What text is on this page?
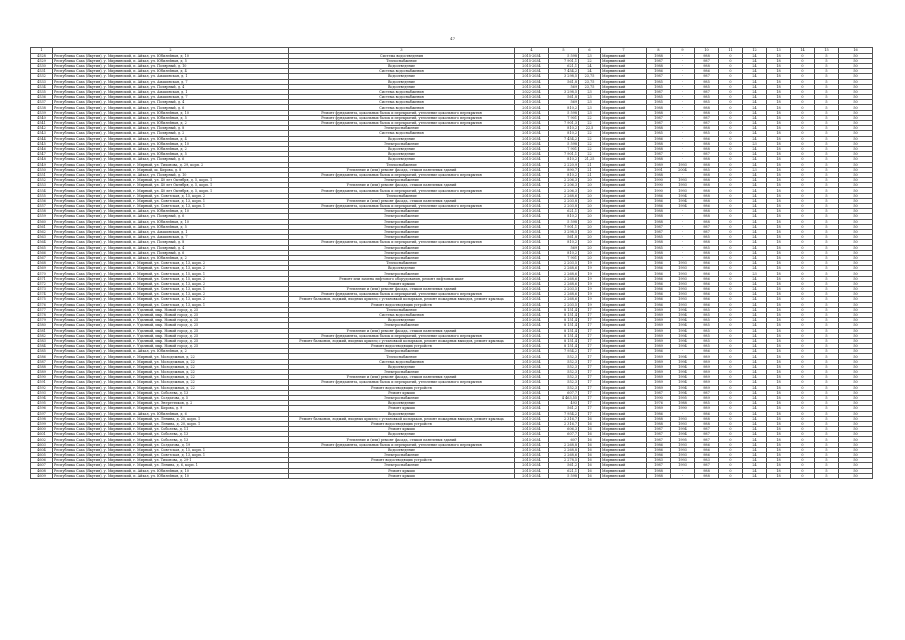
47
1	2	3	4	5	6	7	8	9	10	11	12	13	14	15	16
4528	Республика Саха (Якутия), у. Мирнинский, п. Айхал, ул. Юбилейная, д. 10	Система водоотведения	2015-2034	5 598	23	Мирнинский	1988	-	988	0	24	18	0	5	50
4529	Республика Саха (Якутия), у. Мирнинский, п. Айхал, ул. Юбилейная, д. 5	Теплоснабжение	2015-2034	7 901,1	22	Мирнинский	1987	-	987	0	24	18	0	5	50
4530	Республика Саха (Якутия), у. Мирнинский, п. Айхал, ул. Полярный, д. 10	Водоотведение	2015-2034	621,1	24	Мирнинский	1988	-	988	0	24	18	0	5	50
4531	Республика Саха (Якутия), у. Мирнинский, п. Айхал, ул. Юбилейная, д. 4	Система водоснабжения	2015-2034	7 454,2	24	Мирнинский	1986	-	986	0	24	18	0	5	50
4532	Республика Саха (Якутия), у. Мирнинский, п. Айхал, ул. Амакинская, д. 1	Водоотведение	2015-2034	3 298,5	23,75	Мирнинский	1987	-	987	0	24	18	0	5	50
4533	Республика Саха (Якутия), у. Мирнинский, п. Айхал, ул. Амакинская, д. 7	Водоотведение	2015-2034	561,8	23,75	Мирнинский	1985	-	985	0	24	18	0	5	50
4534	Республика Саха (Якутия), у. Мирнинский, п. Айхал, ул. Полярный, д. 4	Водоотведение	2015-2034	569	23,75	Мирнинский	1985	-	985	0	24	18	0	5	50
4535	Республика Саха (Якутия), у. Мирнинский, п. Айхал, ул. Амакинская, д. 1	Система водоснабжения	2022-2034	3 298,5	23	Мирнинский	1987	-	987	0	24	18	0	5	50
4536	Республика Саха (Якутия), у. Мирнинский, п. Айхал, ул. Амакинская, д. 7	Система водоснабжения	2015-2034	561,8	23	Мирнинский	1985	-	985	0	24	18	0	5	50
4537	Республика Саха (Якутия), у. Мирнинский, п. Айхал, ул. Полярный, д. 4	Система водоснабжения	2015-2034	569	23	Мирнинский	1985	-	985	0	24	18	0	5	50
4538	Республика Саха (Якутия), у. Мирнинский, п. Айхал, ул. Полярный, д. 6	Система водоснабжения	2015-2034	810,2	23	Мирнинский	1988	-	988	0	24	18	0	5	50
4539	Республика Саха (Якутия), у. Мирнинский, п. Айхал, ул. Юбилейная, д. 10	Ремонт фундамента, цокольных балок и перекрытий, утепление цокольного перекрытия	2016-2034	5 598	23	Мирнинский	1988	-	988	0	24	18	0	5	50
4540	Республика Саха (Якутия), у. Мирнинский, п. Айхал, ул. Юбилейная, д. 5	Ремонт фундамента, цокольных балок и перекрытий, утепление цокольного перекрытия	2015-2034	7 901	22	Мирнинский	1987	-	987	0	24	18	0	5	50
4541	Республика Саха (Якутия), у. Мирнинский, п. Айхал, ул. Юбилейная, д. 2	Ремонт фундамента, цокольных балок и перекрытий, утепление цокольного перекрытия	2015-2034	7 901,3	22	Мирнинский	1987	-	987	0	24	18	0	5	50
4542	Республика Саха (Якутия), у. Мирнинский, п. Айхал, ул. Полярный, д. 8	Электроснабжение	2015-2034	810,2	22,5	Мирнинский	1988	-	988	0	24	18	0	5	50
4543	Республика Саха (Якутия), у. Мирнинский, п. Айхал, ул. Полярный, д. 2	Система водоснабжения	2015-2034	810,2	22	Мирнинский	1985	-	985	0	24	18	0	5	50
4544	Республика Саха (Якутия), у. Мирнинский, п. Айхал, ул. Юбилейная, д. 4	Водоотведение	2015-2034	7 454,2	22	Мирнинский	1986	-	986	0	24	18	0	5	50
4545	Республика Саха (Якутия), у. Мирнинский, п. Айхал, ул. Юбилейная, д. 10	Электроснабжение	2015-2034	5 598	22	Мирнинский	1988	-	988	0	23	18	0	5	50
4546	Республика Саха (Якутия), у. Мирнинский, п. Айхал, ул. Юбилейная, д. 2	Водоотведение	2015-2034	7 901	22	Мирнинский	1988	-	988	0	24	18	0	5	50
4547	Республика Саха (Якутия), у. Мирнинский, п. Айхал, ул. Юбилейная, д. 5	Водоотведение	2015-2034	7 901,1	22	Мирнинский	1987	-	987	0	24	18	0	5	50
4548	Республика Саха (Якутия), у. Мирнинский, п. Айхал, ул. Полярный, д. 6	Водоотведение	2015-2034	810,2	21,25	Мирнинский	1988	-	988	0	24	18	0	5	50
4549	Республика Саха (Якутия), у. Мирнинский, г. Мирный, ул. Тихонова, д. 29, корп. 2	Теплоснабжение	2015-2034	2 220,9	21	Мирнинский	1989	1993	988	0	24	18	0	5	50
4550	Республика Саха (Якутия), у. Мирнинский, г. Мирный, ш. Кирова, д. 8	Утепление и (или) ремонт фасада, стыков панелевых зданий	2015-2034	890,7	21	Мирнинский	1991	2004	985	0	23	18	0	5	50
4551	Республика Саха (Якутия), у. Мирнинский, п. Айхал, ул. Полярный, д. 10	Ремонт фундамента, цокольных балок и перекрытий, утепление цокольного перекрытия	2015-2034	810,2	21	Мирнинский	1988	-	988	0	24	18	0	5	50
4552	Республика Саха (Якутия), у. Мирнинский, г. Мирный, ул. 40 лет Октября, д. 5, корп. 1	Электроснабжение	2015-2034	2 206,3	20	Мирнинский	1990	1993	988	0	24	18	0	5	50
4553	Республика Саха (Якутия), у. Мирнинский, г. Мирный, ул. 40 лет Октября, д. 5, корп. 1	Утепление и (или) ремонт фасада, стыков панелевых зданий	2015-2034	2 206,3	20	Мирнинский	1990	1993	988	0	24	18	0	5	50
4554	Республика Саха (Якутия), у. Мирнинский, г. Мирный, ул. 40 лет Октября, д. 5, корп. 1	Ремонт фундамента, цокольных балок и перекрытий, утепление цокольного перекрытия	2015-2034	2 206,3	20	Мирнинский	1990	1993	988	0	24	18	0	5	50
4555	Республика Саха (Якутия), у. Мирнинский, г. Мирный, ул. Советская, д. 15, корп. 2	Теплоснабжение	2015-2034	2 268,6	20	Мирнинский	1986	1994	988	0	24	18	0	5	50
4556	Республика Саха (Якутия), у. Мирнинский, г. Мирный, ул. Советская, д. 13, корп. 1	Утепление и (или) ремонт фасада, стыков панелевых зданий	2015-2034	2 203,8	20	Мирнинский	1986	1994	988	0	24	18	0	5	50
4557	Республика Саха (Якутия), у. Мирнинский, г. Мирный, ул. Советская, д. 13, корп. 1	Ремонт фундамента, цокольных балок и перекрытий, утепление цокольного перекрытия	2015-2034	2 203,8	20	Мирнинский	1986	1994	986	0	24	18	0	5	50
4558	Республика Саха (Якутия), у. Мирнинский, п. Айхал, ул. Юбилейная, д. 10	Электроснабжение	2015-2034	621,1	20	Мирнинский	1988	-	988	0	24	18	0	5	50
4559	Республика Саха (Якутия), у. Мирнинский, п. Айхал, ул. Полярный, д. 6	Электроснабжение	2015-2034	810,2	20	Мирнинский	1988	-	988	0	24	18	0	5	50
4560	Республика Саха (Якутия), у. Мирнинский, п. Айхал, ул. Юбилейная, д. 10	Электроснабжение	2015-2034	5 598	20	Мирнинский	1988	-	988	0	24	18	0	5	50
4561	Республика Саха (Якутия), у. Мирнинский, п. Айхал, ул. Юбилейная, д. 5	Электроснабжение	2015-2034	7 901,1	20	Мирнинский	1987	-	987	0	24	18	0	5	50
4562	Республика Саха (Якутия), у. Мирнинский, п. Айхал, ул. Амакинская, д. 1	Электроснабжение	2015-2034	3 298,5	20	Мирнинский	1987	-	987	0	24	18	0	5	50
4563	Республика Саха (Якутия), у. Мирнинский, п. Айхал, ул. Амакинская, д. 7	Электроснабжение	2015-2034	561,8	20	Мирнинский	1985	-	985	0	24	18	0	5	50
4564	Республика Саха (Якутия), у. Мирнинский, п. Айхал, ул. Полярный, д. 8	Ремонт фундамента, цокольных балок и перекрытий, утепление цокольного перекрытия	2015-2034	810,2	20	Мирнинский	1988	-	988	0	24	18	0	5	50
4565	Республика Саха (Якутия), у. Мирнинский, п. Айхал, ул. Полярный, д. 4	Электроснабжение	2015-2034	569	20	Мирнинский	1985	-	985	0	24	18	0	5	50
4566	Республика Саха (Якутия), у. Мирнинский, п. Айхал, ул. Полярный, д. 6	Электроснабжение	2015-2034	810,2	20	Мирнинский	1988	-	988	0	24	18	0	5	50
4567	Республика Саха (Якутия), у. Мирнинский, п. Айхал, ул. Юбилейная, д. 2	Электроснабжение	2015-2034	7 901	20	Мирнинский	1988	-	988	0	24	18	0	5	50
4568	Республика Саха (Якутия), у. Мирнинский, г. Мирный, ул. Советская, д. 13, корп. 2	Теплоснабжение	2015-2034	2 203,5	19	Мирнинский	1986	1993	986	0	24	18	0	5	50
4569	Республика Саха (Якутия), у. Мирнинский, г. Мирный, ул. Советская, д. 13, корп. 2	Водоотведение	2015-2034	2 268,6	19	Мирнинский	1986	1993	986	0	24	18	0	5	50
4570	Республика Саха (Якутия), у. Мирнинский, г. Мирный, ул. Советская, д. 15, корп. 1	Электроснабжение	2015-2034	2 268,6	19	Мирнинский	1986	1993	986	0	23	18	0	5	50
4571	Республика Саха (Якутия), у. Мирнинский, г. Мирный, ул. Советская, д. 15, корп. 2	Ремонт или замена лифтового оборудования, ремонт лифтовых шахт	2015-2034	2 268,6	19	Мирнинский	1986	1993	986	0	24	18	0	5	50
4572	Республика Саха (Якутия), у. Мирнинский, г. Мирный, ул. Советская, д. 13, корп. 2	Ремонт крыши	2015-2034	2 268,6	19	Мирнинский	1986	1993	986	0	24	18	0	5	50
4573	Республика Саха (Якутия), у. Мирнинский, г. Мирный, ул. Советская, д. 13, корп. 1	Утепление и (или) ремонт фасада, стыков панелевых зданий	2015-2034	2 203,5	19	Мирнинский	1986	1993	986	0	24	18	0	5	50
4574	Республика Саха (Якутия), у. Мирнинский, г. Мирный, ул. Советская, д. 13, корп. 2	Ремонт фундамента, цокольных балок и перекрытий, утепление цокольного перекрытия	2015-2034	2 268,6	19	Мирнинский	1986	1993	986	0	24	18	0	5	50
4575	Республика Саха (Якутия), у. Мирнинский, г. Мирный, ул. Советская, д. 13, корп. 2	Ремонт балконов, лоджий, входных крылец с установкой козырьков, ремонт пожарных выходов, ремонт крыльца	2015-2034	2 268,6	19	Мирнинский	1986	1993	986	0	24	18	0	5	50
4576	Республика Саха (Якутия), у. Мирнинский, г. Мирный, ул. Советская, д. 13, корп. 1	Ремонт водоотводящих устройств	2015-2034	2 203,5	19	Мирнинский	1986	1993	986	0	24	18	0	5	50
4577	Республика Саха (Якутия), у. Мирнинский, г. Удачный, мкр. Новый город, д. 25	Теплоснабжение	2015-2034	8 151,4	17	Мирнинский	1989	1994	985	0	24	18	0	5	50
4578	Республика Саха (Якутия), у. Мирнинский, г. Удачный, мкр. Новый город, д. 25	Система водоснабжения	2015-2034	8 151,4	17	Мирнинский	1989	1994	985	0	24	18	0	5	50
4579	Республика Саха (Якутия), у. Мирнинский, г. Удачный, мкр. Новый город, д. 25	Водоотведение	2015-2034	8 151,4	17	Мирнинский	1989	1994	985	0	24	18	0	5	50
4580	Республика Саха (Якутия), у. Мирнинский, г. Удачный, мкр. Новый город, д. 25	Электроснабжение	2015-2034	8 151,4	17	Мирнинский	1989	1994	985	0	24	18	0	5	50
4581	Республика Саха (Якутия), у. Мирнинский, г. Удачный, мкр. Новый город, д. 25	Утепление и (или) ремонт фасада, стыков панелевых зданий	2015-2034	8 151,4	17	Мирнинский	1989	1994	985	0	24	18	0	5	50
4582	Республика Саха (Якутия), у. Мирнинский, г. Удачный, мкр. Новый город, д. 25	Ремонт фундамента, цокольных балок и перекрытий, утепление цокольного перекрытия	2015-2034	8 151,4	17	Мирнинский	1989	1994	985	0	24	18	0	5	50
4583	Республика Саха (Якутия), у. Мирнинский, г. Удачный, мкр. Новый город, д. 25	Ремонт балконов, лоджий, входных крылец с установкой козырьков, ремонт пожарных выходов, ремонт крыльца	2015-2034	8 151,4	17	Мирнинский	1989	1994	985	0	24	18	0	5	50
4584	Республика Саха (Якутия), у. Мирнинский, г. Удачный, мкр. Новый город, д. 25	Ремонт водоотводящих устройств	2015-2034	8 151,4	17	Мирнинский	1989	1994	985	0	24	18	0	5	50
4585	Республика Саха (Якутия), у. Мирнинский, п. Айхал, ул. Юбилейная, д. 2	Электроснабжение	2015-2034	7 954,2	17	Мирнинский	1986	-	986	0	24	18	0	5	50
4586	Республика Саха (Якутия), у. Мирнинский, г. Мирный, ул. Молодежная, д. 22	Теплоснабжение	2015-2034	552,3	17	Мирнинский	1989	1994	989	0	24	18	0	5	50
4587	Республика Саха (Якутия), у. Мирнинский, г. Мирный, ул. Молодежная, д. 22	Система водоснабжения	2015-2034	552,3	17	Мирнинский	1989	1994	989	0	24	18	0	5	50
4588	Республика Саха (Якутия), у. Мирнинский, г. Мирный, ул. Молодежная, д. 22	Водоотведение	2015-2034	552,3	17	Мирнинский	1989	1994	989	0	24	18	0	5	50
4589	Республика Саха (Якутия), у. Мирнинский, г. Мирный, ул. Молодежная, д. 22	Электроснабжение	2015-2034	552,3	17	Мирнинский	1989	1994	989	0	24	18	0	5	50
4590	Республика Саха (Якутия), у. Мирнинский, г. Мирный, ул. Молодежная, д. 22	Утепление и (или) ремонт фасада, стыков панелевых зданий	2015-2034	552,3	17	Мирнинский	1989	1994	989	0	24	18	0	5	50
4591	Республика Саха (Якутия), у. Мирнинский, г. Мирный, ул. Молодежная, д. 22	Ремонт фундамента, цокольных балок и перекрытий, утепление цокольного перекрытия	2015-2034	552,3	17	Мирнинский	1989	1994	989	0	24	18	0	5	50
4592	Республика Саха (Якутия), у. Мирнинский, г. Мирный, ул. Молодежная, д. 22	Ремонт водоотводящих устройств	2015-2034	552,3	17	Мирнинский	1989	1994	989	0	24	18	0	5	50
4593	Республика Саха (Якутия), у. Мирнинский, г. Мирный, ул. Соболева, д. 13	Ремонт крыши	2015-2034	607,7	17	Мирнинский	1987	1994	987	0	24	18	0	5	50
4594	Республика Саха (Якутия), у. Мирнинский, г. Мирный, ул. Солдатова, д. 5	Электроснабжение	2015-2034	4 463,55	17	Мирнинский	1990	1995	989	0	24	18	0	5	50
4595	Республика Саха (Якутия), у. Мирнинский, г. Мирный, ул. Энергетиков, д. 2	Водоотведение	2015-2034	493	17	Мирнинский	1976	1988	985	0	24	18	0	5	50
4596	Республика Саха (Якутия), у. Мирнинский, г. Мирный, ул. Кирова, д. 9	Ремонт крыши	2015-2034	561,2	17	Мирнинский	1989	1990	989	0	24	18	0	5	50
4597	Республика Саха (Якутия), у. Мирнинский, п. Айхал, ул. Юбилейная, д. 6	Водоотведение	2015-2034	7 954,2	17	Мирнинский	1986	-	986	0	24	18	0	5	50
4598	Республика Саха (Якутия), у. Мирнинский, г. Мирный, ул. Ленина, д. 20, корп. 1	Ремонт балконов, лоджий, входных крылец с установкой козырьков, ремонт пожарных выходов, ремонт крыльца	2015-2034	2 316,7	16	Мирнинский	1988	1993	988	0	24	18	0	5	50
4599	Республика Саха (Якутия), у. Мирнинский, г. Мирный, ул. Ленина, д. 20, корп. 1	Ремонт водоотводящих устройств	2015-2034	2 316,7	16	Мирнинский	1988	1993	988	0	24	18	0	5	50
4600	Республика Саха (Якутия), у. Мирнинский, г. Мирный, ул. Соболева, д. 11	Ремонт крыши	2015-2034	606,3	16	Мирнинский	1987	1994	987	0	24	18	0	5	50
4601	Республика Саха (Якутия), у. Мирнинский, г. Мирный, ул. Соболева, д. 13	Водоотведение	2015-2034	607,7	16	Мирнинский	1987	1994	987	0	24	18	0	5	50
4602	Республика Саха (Якутия), у. Мирнинский, г. Мирный, ул. Соболева, д. 13	Утепление и (или) ремонт фасада, стыков панелевых зданий	2015-2034	607	16	Мирнинский	1987	1995	987	0	24	18	0	5	50
4603	Республика Саха (Якутия), у. Мирнинский, г. Мирный, ул. Солдатова, д. 19	Ремонт фундамента, цокольных балок и перекрытий, утепление цокольного перекрытия	2015-2034	2 268,8	16	Мирнинский	1986	1993	986	0	24	18	0	5	50
4604	Республика Саха (Якутия), у. Мирнинский, г. Мирный, ул. Советская, д. 15, корп. 1	Водоотведение	2015-2034	2 268,8	16	Мирнинский	1986	1993	986	0	24	18	0	5	50
4605	Республика Саха (Якутия), у. Мирнинский, г. Мирный, ул. Советская, д. 13, корп. 1	Электроснабжение	2015-2034	2 268,6	16	Мирнинский	1986	1993	986	0	24	18	0	5	50
4606	Республика Саха (Якутия), у. Мирнинский, г. Мирный, ул. Тихонова, д. 29-1	Ремонт водоотводящих устройств	2015-2034	2 278,5	16	Мирнинский	1983	1993	983	0	24	18	0	5	50
4607	Республика Саха (Якутия), у. Мирнинский, г. Мирный, ул. Ленина, д. 6, корп. 1	Электроснабжение	2015-2034	561,2	16	Мирнинский	1987	1993	987	0	24	18	0	5	50
4608	Республика Саха (Якутия), у. Мирнинский, п. Айхал, ул. Юбилейная, д. 10	Ремонт крыши	2015-2034	621,1	16	Мирнинский	1988	-	988	0	24	18	0	5	50
4609	Республика Саха (Якутия), у. Мирнинский, п. Айхал, ул. Юбилейная, д. 10	Ремонт крыши	2015-2034	5 598	16	Мирнинский	1988	-	988	0	24	18	0	5	50
